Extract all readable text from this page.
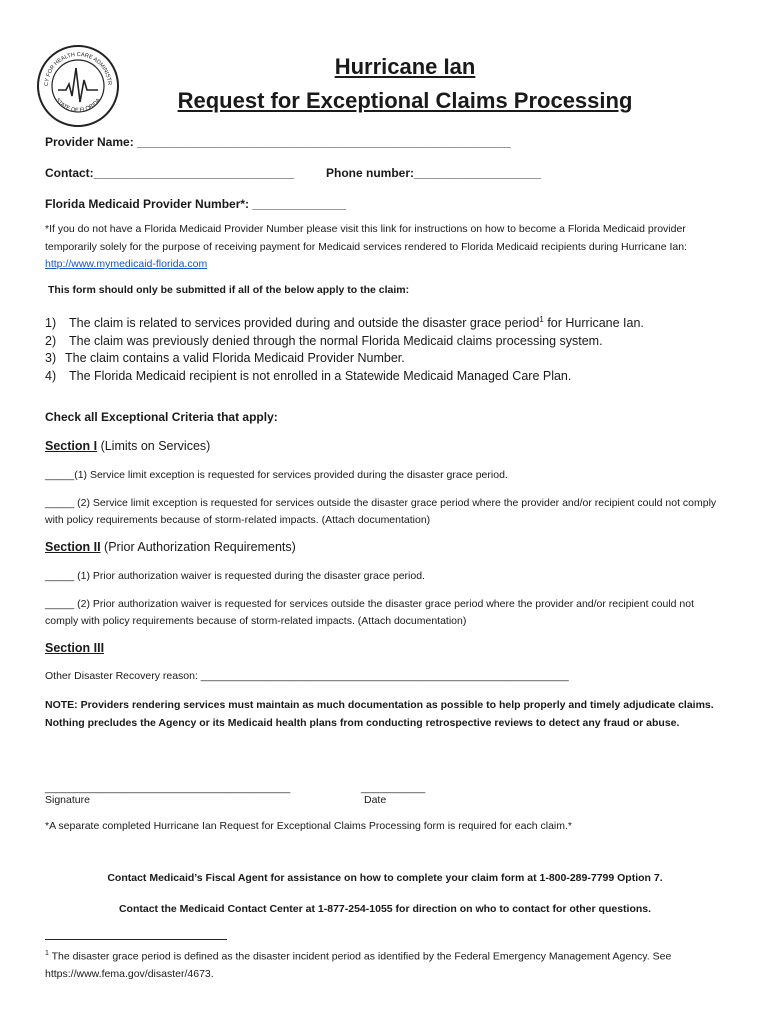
CY FOR HEALTH CARE ADMINISTR
STATE OF FLORIDA
Hurricane Ian
Request for Exceptional Claims Processing
Provider Name: ________________________________________________________
Contact:______________________________	Phone number:___________________
Florida Medicaid Provider Number*: ______________
*If you do not have a Florida Medicaid Provider Number please visit this link for instructions on how to become a Florida Medicaid provider temporarily solely for the purpose of receiving payment for Medicaid services rendered to Florida Medicaid recipients during Hurricane Ian: http://www.mymedicaid-florida.com
This form should only be submitted if all of the below apply to the claim:
1) The claim is related to services provided during and outside the disaster grace period$^1$ for Hurricane Ian.
2) The claim was previously denied through the normal Florida Medicaid claims processing system.
3) The claim contains a valid Florida Medicaid Provider Number.
4) The Florida Medicaid recipient is not enrolled in a Statewide Medicaid Managed Care Plan.
Check all Exceptional Criteria that apply:
Section I (Limits on Services)
_____(1) Service limit exception is requested for services provided during the disaster grace period.
_____ (2) Service limit exception is requested for services outside the disaster grace period where the provider and/or recipient could not comply with policy requirements because of storm-related impacts. (Attach documentation)
Section II (Prior Authorization Requirements)
_____ (1) Prior authorization waiver is requested during the disaster grace period.
_____ (2) Prior authorization waiver is requested for services outside the disaster grace period where the provider and/or recipient could not comply with policy requirements because of storm-related impacts. (Attach documentation)
Section III
Other Disaster Recovery reason: _______________________________________________________________
NOTE: Providers rendering services must maintain as much documentation as possible to help properly and timely adjudicate claims. Nothing precludes the Agency or its Medicaid health plans from conducting retrospective reviews to detect any fraud or abuse.
__________________________________________	___________
Signature	Date
*A separate completed Hurricane Ian Request for Exceptional Claims Processing form is required for each claim.*
Contact Medicaid’s Fiscal Agent for assistance on how to complete your claim form at 1-800-289-7799 Option 7.
Contact the Medicaid Contact Center at 1-877-254-1055 for direction on who to contact for other questions.
$^1$ The disaster grace period is defined as the disaster incident period as identified by the Federal Emergency Management Agency. See https://www.fema.gov/disaster/4673.
